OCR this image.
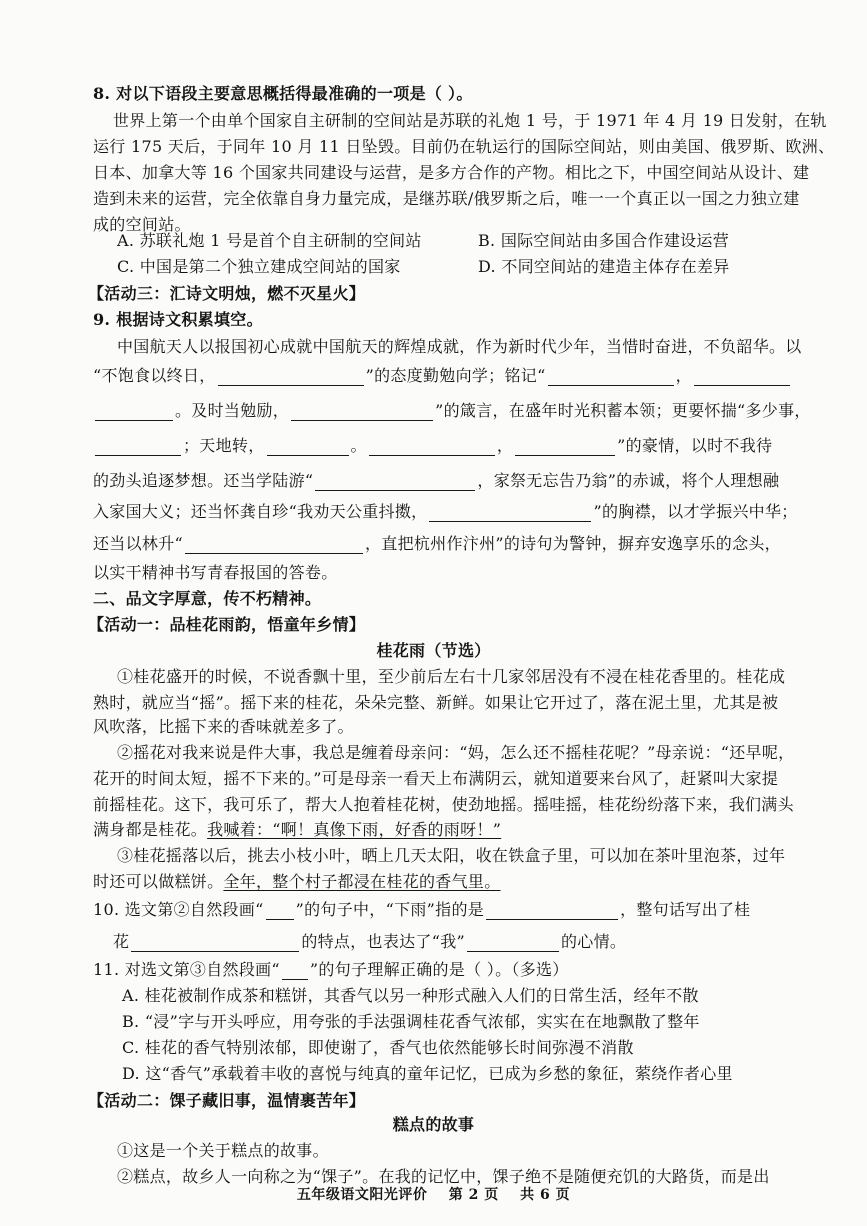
8. 对以下语段主要意思概括得最准确的一项是（ ）。
世界上第一个由单个国家自主研制的空间站是苏联的礼炮 1 号，于 1971 年 4 月 19 日发射，在轨
运行 175 天后，于同年 10 月 11 日坠毁。目前仍在轨运行的国际空间站，则由美国、俄罗斯、欧洲、
日本、加拿大等 16 个国家共同建设与运营，是多方合作的产物。相比之下，中国空间站从设计、建
造到未来的运营，完全依靠自身力量完成，是继苏联/俄罗斯之后，唯一一个真正以一国之力独立建
成的空间站。
A. 苏联礼炮 1 号是首个自主研制的空间站	B. 国际空间站由多国合作建设运营
C. 中国是第二个独立建成空间站的国家	D. 不同空间站的建造主体存在差异
【活动三：汇诗文明烛，燃不灭星火】
9. 根据诗文积累填空。
中国航天人以报国初心成就中国航天的辉煌成就，作为新时代少年，当惜时奋进，不负韶华。以
“不饱食以终日，	”的态度勤勉向学；铭记“	，
。及时当勉励，	”的箴言，在盛年时光积蓄本领；更要怀揣“多少事，
；天地转，	。	，	”的豪情，以时不我待
的劲头追逐梦想。还当学陆游“	，家祭无忘告乃翁”的赤诚，将个人理想融
入家国大义；还当怀龚自珍“我劝天公重抖擞，	”的胸襟，以才学振兴中华；
还当以林升“	，直把杭州作汴州”的诗句为警钟，摒弃安逸享乐的念头，
以实干精神书写青春报国的答卷。
二、品文字厚意，传不朽精神。
【活动一：品桂花雨韵，悟童年乡情】
桂花雨（节选）
①桂花盛开的时候，不说香飘十里，至少前后左右十几家邻居没有不浸在桂花香里的。桂花成
熟时，就应当“摇”。摇下来的桂花，朵朵完整、新鲜。如果让它开过了，落在泥土里，尤其是被
风吹落，比摇下来的香味就差多了。
②摇花对我来说是件大事，我总是缠着母亲问：“妈，怎么还不摇桂花呢？”母亲说：“还早呢，
花开的时间太短，摇不下来的。”可是母亲一看天上布满阴云，就知道要来台风了，赶紧叫大家提
前摇桂花。这下，我可乐了，帮大人抱着桂花树，使劲地摇。摇哇摇，桂花纷纷落下来，我们满头
满身都是桂花。我喊着：“啊！真像下雨，好香的雨呀！”
③桂花摇落以后，挑去小枝小叶，晒上几天太阳，收在铁盒子里，可以加在茶叶里泡茶，过年
时还可以做糕饼。全年，整个村子都浸在桂花的香气里。
10. 选文第②自然段画“ ”的句子中，“下雨”指的是	，整句话写出了桂
花	的特点，也表达了“我”	的心情。
11. 对选文第③自然段画“ ”的句子理解正确的是（ ）。（多选）
A. 桂花被制作成茶和糕饼，其香气以另一种形式融入人们的日常生活，经年不散
B. “浸”字与开头呼应，用夸张的手法强调桂花香气浓郁，实实在在地飘散了整年
C. 桂花的香气特别浓郁，即使谢了，香气也依然能够长时间弥漫不消散
D. 这“香气”承载着丰收的喜悦与纯真的童年记忆，已成为乡愁的象征，萦绕作者心里
【活动二：馃子藏旧事，温情裹苦年】
糕点的故事
①这是一个关于糕点的故事。
②糕点，故乡人一向称之为“馃子”。在我的记忆中，馃子绝不是随便充饥的大路货，而是出
五年级语文阳光评价 第 2 页 共 6 页
